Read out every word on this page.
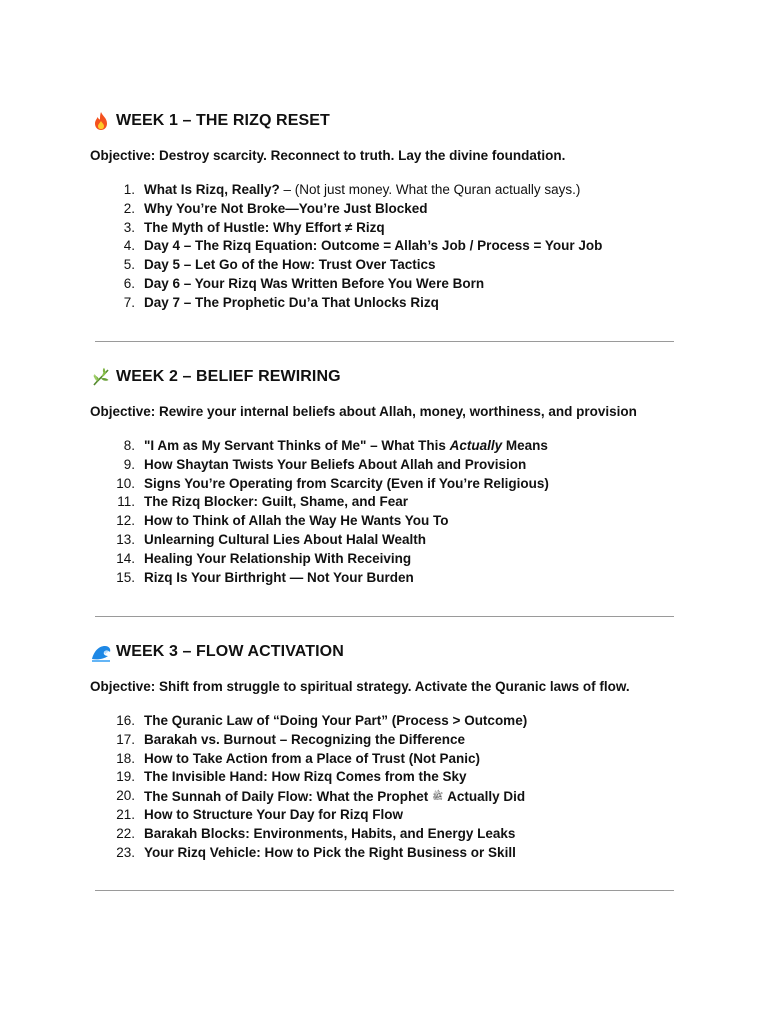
WEEK 1 – THE RIZQ RESET
Objective: Destroy scarcity. Reconnect to truth. Lay the divine foundation.
1. What Is Rizq, Really? – (Not just money. What the Quran actually says.)
2. Why You’re Not Broke—You’re Just Blocked
3. The Myth of Hustle: Why Effort ≠ Rizq
4. Day 4 – The Rizq Equation: Outcome = Allah’s Job / Process = Your Job
5. Day 5 – Let Go of the How: Trust Over Tactics
6. Day 6 – Your Rizq Was Written Before You Were Born
7. Day 7 – The Prophetic Du’a That Unlocks Rizq
WEEK 2 – BELIEF REWIRING
Objective: Rewire your internal beliefs about Allah, money, worthiness, and provision
8. "I Am as My Servant Thinks of Me" – What This Actually Means
9. How Shaytan Twists Your Beliefs About Allah and Provision
10. Signs You’re Operating from Scarcity (Even if You’re Religious)
11. The Rizq Blocker: Guilt, Shame, and Fear
12. How to Think of Allah the Way He Wants You To
13. Unlearning Cultural Lies About Halal Wealth
14. Healing Your Relationship With Receiving
15. Rizq Is Your Birthright — Not Your Burden
WEEK 3 – FLOW ACTIVATION
Objective: Shift from struggle to spiritual strategy. Activate the Quranic laws of flow.
16. The Quranic Law of “Doing Your Part” (Process > Outcome)
17. Barakah vs. Burnout – Recognizing the Difference
18. How to Take Action from a Place of Trust (Not Panic)
19. The Invisible Hand: How Rizq Comes from the Sky
20. The Sunnah of Daily Flow: What the Prophet ﷺ Actually Did
21. How to Structure Your Day for Rizq Flow
22. Barakah Blocks: Environments, Habits, and Energy Leaks
23. Your Rizq Vehicle: How to Pick the Right Business or Skill
